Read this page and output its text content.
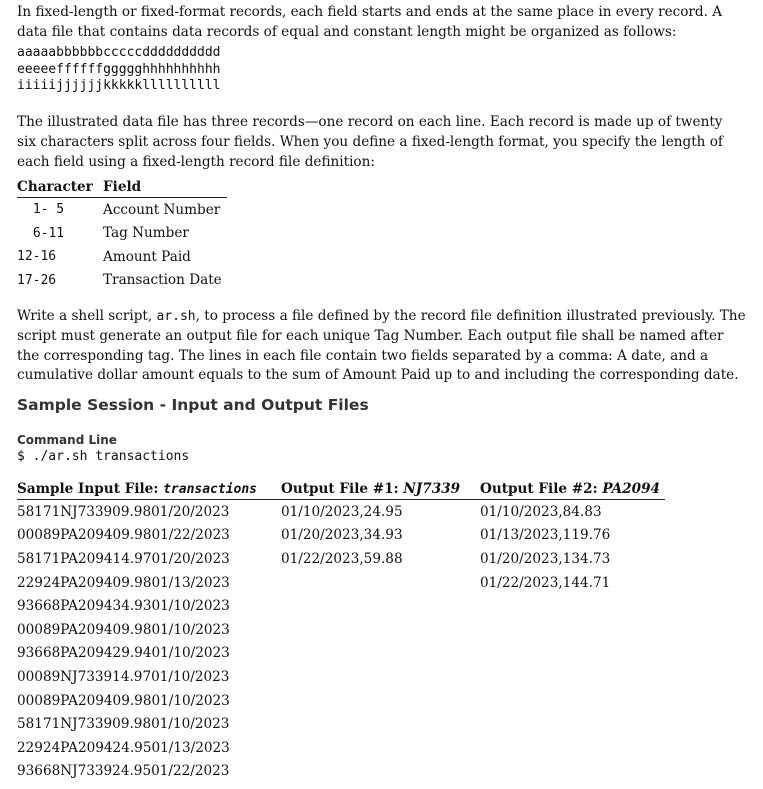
In fixed-length or fixed-format records, each field starts and ends at the same place in every record. A data file that contains data records of equal and constant length might be organized as follows:

aaaaabbbbbbcccccdddddddddd
eeeeeffffffggggghhhhhhhhhh
iiiiijjjjjjkkkkkllllllllll

The illustrated data file has three records—one record on each line. Each record is made up of twenty six characters split across four fields. When you define a fixed-length format, you specify the length of each field using a fixed-length record file definition:

Character	Field
1- 5	Account Number
6-11	Tag Number
12-16	Amount Paid
17-26	Transaction Date

Write a shell script, ar.sh, to process a file defined by the record file definition illustrated previously. The script must generate an output file for each unique Tag Number. Each output file shall be named after the corresponding tag. The lines in each file contain two fields separated by a comma: A date, and a cumulative dollar amount equals to the sum of Amount Paid up to and including the corresponding date.

Sample Session - Input and Output Files
Command Line
$ ./ar.sh transactions
Sample Input File: transactions	Output File #1: NJ7339	Output File #2: PA2094
58171NJ733909.9801/20/2023	01/10/2023,24.95	01/10/2023,84.83
00089PA209409.9801/22/2023	01/20/2023,34.93	01/13/2023,119.76
58171PA209414.9701/20/2023	01/22/2023,59.88	01/20/2023,134.73
22924PA209409.9801/13/2023		01/22/2023,144.71
93668PA209434.9301/10/2023		
00089PA209409.9801/10/2023		
93668PA209429.9401/10/2023		
00089NJ733914.9701/10/2023		
00089PA209409.9801/10/2023		
58171NJ733909.9801/10/2023		
22924PA209424.9501/13/2023		
93668NJ733924.9501/22/2023		
